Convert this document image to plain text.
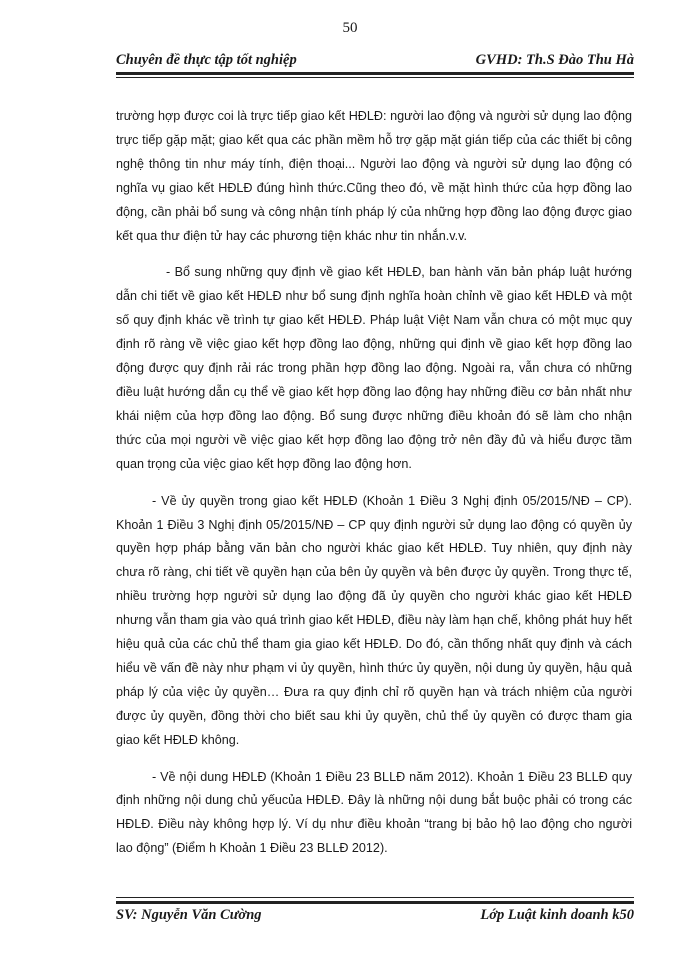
50
Chuyên đề thực tập tốt nghiệp	GVHD: Th.S Đào Thu Hà

trường hợp được coi là trực tiếp giao kết HĐLĐ: người lao động và người sử dụng lao động trực tiếp gặp mặt; giao kết qua các phần mềm hỗ trợ gặp mặt gián tiếp của các thiết bị công nghệ thông tin như máy tính, điện thoại... Người lao động và người sử dụng lao động có nghĩa vụ giao kết HĐLĐ đúng hình thức.Cũng theo đó, về mặt hình thức của hợp đồng lao động, cần phải bổ sung và công nhận tính pháp lý của những hợp đồng lao động được giao kết qua thư điện tử hay các phương tiện khác như tin nhắn.v.v.

- Bổ sung những quy định về giao kết HĐLĐ, ban hành văn bản pháp luật hướng dẫn chi tiết về giao kết HĐLĐ như bổ sung định nghĩa hoàn chỉnh về giao kết HĐLĐ và một số quy định khác về trình tự giao kết HĐLĐ. Pháp luật Việt Nam vẫn chưa có một mục quy định rõ ràng về việc giao kết hợp đồng lao động, những qui định về giao kết hợp đồng lao động được quy định rải rác trong phần hợp đồng lao động. Ngoài ra, vẫn chưa có những điều luật hướng dẫn cụ thể về giao kết hợp đồng lao động hay những điều cơ bản nhất như khái niệm của hợp đồng lao động. Bổ sung được những điều khoản đó sẽ làm cho nhận thức của mọi người về việc giao kết hợp đồng lao động trở nên đầy đủ và hiểu được tầm quan trọng của việc giao kết hợp đồng lao động hơn.

- Về ủy quyền trong giao kết HĐLĐ (Khoản 1 Điều 3 Nghị định 05/2015/NĐ – CP). Khoản 1 Điều 3 Nghị định 05/2015/NĐ – CP quy định người sử dụng lao động có quyền ủy quyền hợp pháp bằng văn bản cho người khác giao kết HĐLĐ. Tuy nhiên, quy định này chưa rõ ràng, chi tiết về quyền hạn của bên ủy quyền và bên được ủy quyền. Trong thực tế, nhiều trường hợp người sử dụng lao động đã ủy quyền cho người khác giao kết HĐLĐ nhưng vẫn tham gia vào quá trình giao kết HĐLĐ, điều này làm hạn chế, không phát huy hết hiệu quả của các chủ thể tham gia giao kết HĐLĐ. Do đó, cần thống nhất quy định và cách hiểu về vấn đề này như phạm vi ủy quyền, hình thức ủy quyền, nội dung ủy quyền, hậu quả pháp lý của việc ủy quyền… Đưa ra quy định chỉ rõ quyền hạn và trách nhiệm của người được ủy quyền, đồng thời cho biết sau khi ủy quyền, chủ thể ủy quyền có được tham gia giao kết HĐLĐ không.

- Về nội dung HĐLĐ (Khoản 1 Điều 23 BLLĐ năm 2012). Khoản 1 Điều 23 BLLĐ quy định những nội dung chủ yếucủa HĐLĐ. Đây là những nội dung bắt buộc phải có trong các HĐLĐ. Điều này không hợp lý. Ví dụ như điều khoản “trang bị bảo hộ lao động cho người lao động” (Điểm h Khoản 1 Điều 23 BLLĐ 2012).

SV: Nguyễn Văn Cường	Lớp Luật kinh doanh k50
